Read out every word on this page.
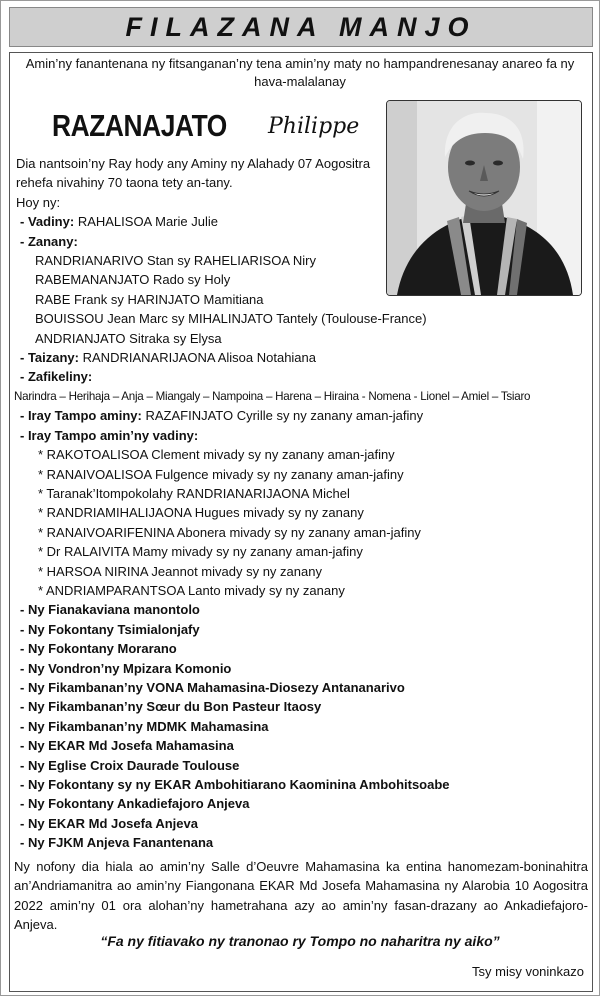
FILAZANA MANJO
Amin’ny fanantenana ny fitsanganan’ny tena amin’ny maty no hampandrenesanay anareo fa ny hava-malalanay
RAZANAJATO Philippe
Dia nantsoin’ny Ray hody any Aminy ny Alahady 07 Aogositra
rehefa nivahiny 70 taona tety an-tany.
Hoy ny:
- Vadiny: RAHALISOA Marie Julie
- Zanany:
RANDRIANARIVO Stan sy RAHELIARISOA Niry
RABEMANANJATO Rado sy Holy
RABE Frank sy HARINJATO Mamitiana
BOUISSOU Jean Marc sy MIHALINJATO Tantely (Toulouse-France)
ANDRIANJATO Sitraka sy Elysa
- Taizany: RANDRIANARIJAONA Alisoa Notahiana
- Zafikeliny:
Narindra – Herihaja – Anja – Miangaly – Nampoina – Harena – Hiraina - Nomena - Lionel – Amiel – Tsiaro
- Iray Tampo aminy: RAZAFINJATO Cyrille sy ny zanany aman-jafiny
- Iray Tampo amin’ny vadiny:
* RAKOTOALISOA Clement mivady sy ny zanany aman-jafiny
* RANAIVOALISOA Fulgence mivady sy ny zanany aman-jafiny
* Taranak’Itompokolahy RANDRIANARIJAONA Michel
* RANDRIAMIHALIJAONA Hugues mivady sy ny zanany
* RANAIVOARIFENINA Abonera mivady sy ny zanany aman-jafiny
* Dr RALAIVITA Mamy mivady sy ny zanany aman-jafiny
* HARSOA NIRINA Jeannot mivady sy ny zanany
* ANDRIAMPARANTSOA Lanto mivady sy ny zanany
- Ny Fianakaviana manontolo
- Ny Fokontany Tsimialonjafy
- Ny Fokontany Morarano
- Ny Vondron’ny Mpizara Komonio
- Ny Fikambanan’ny VONA Mahamasina-Diosezy Antananarivo
- Ny Fikambanan’ny Sœur du Bon Pasteur Itaosy
- Ny Fikambanan’ny MDMK Mahamasina
- Ny EKAR Md Josefa Mahamasina
- Ny Eglise Croix Daurade Toulouse
- Ny Fokontany sy ny EKAR Ambohitiarano Kaominina Ambohitsoabe
- Ny Fokontany Ankadiefajoro Anjeva
- Ny EKAR Md Josefa Anjeva
- Ny FJKM Anjeva Fanantenana
Ny nofony dia hiala ao amin’ny Salle d’Oeuvre Mahamasina ka entina hanomezam-boninahitra an’Andriamanitra ao amin’ny Fiangonana EKAR Md Josefa Mahamasina ny Alarobia 10 Aogositra 2022 amin’ny 01 ora alohan’ny hametrahana azy ao amin’ny fasan-drazany ao Ankadiefajoro-Anjeva.
“Fa ny fitiavako ny tranonao ry Tompo no naharitra ny aiko”
Tsy misy voninkazo
